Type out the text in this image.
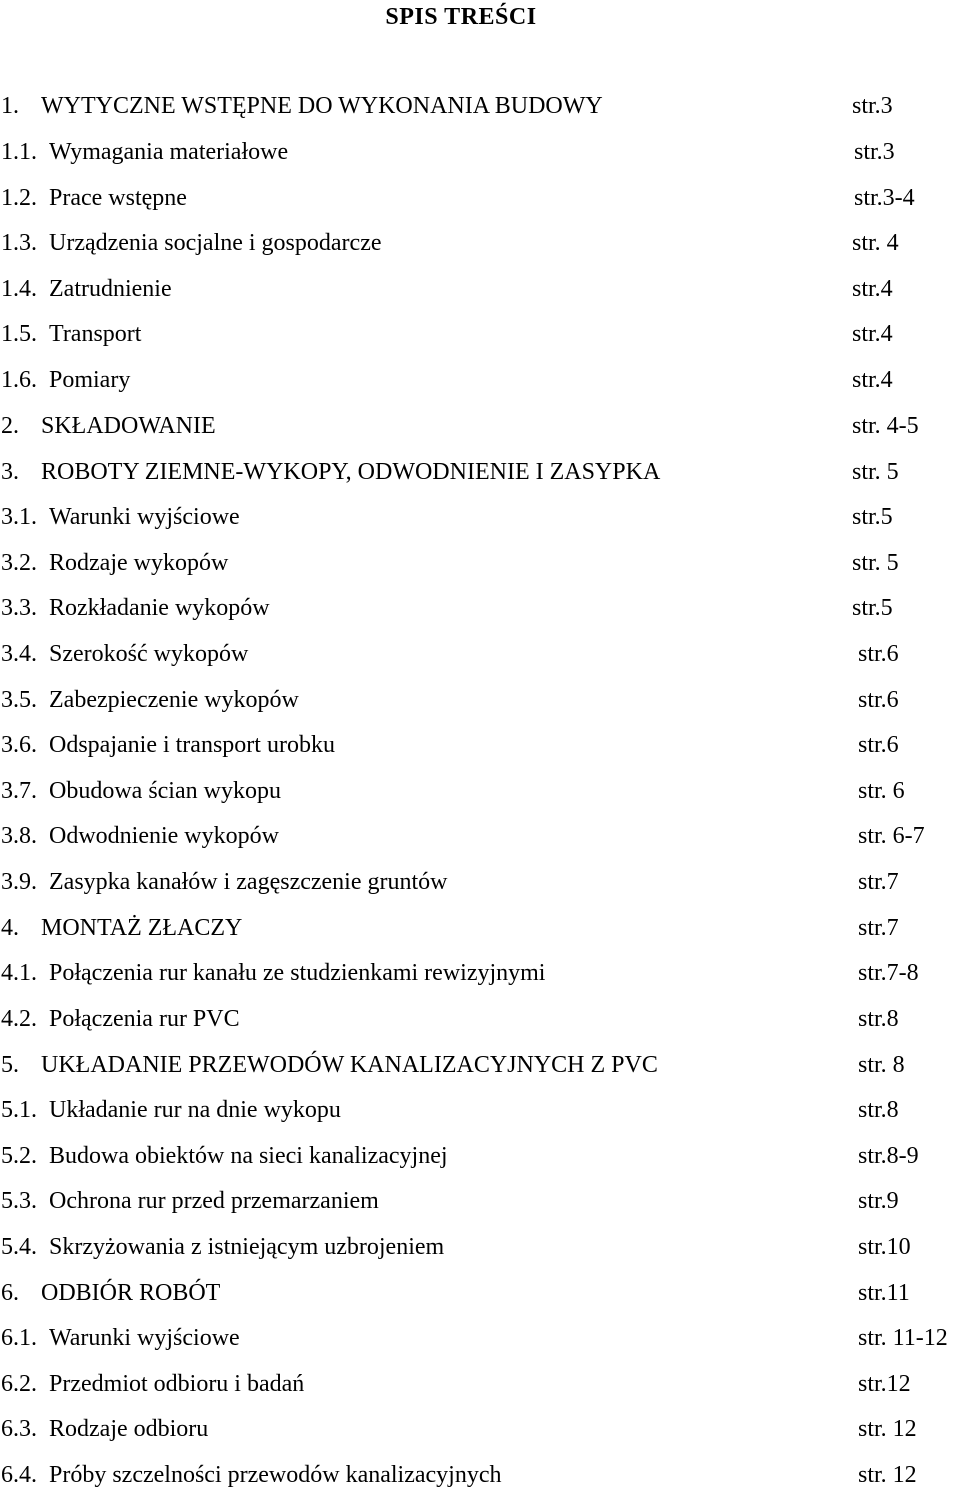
SPIS TREŚCI
1. WYTYCZNE WSTĘPNE DO WYKONANIA BUDOWY	str.3
1.1. Wymagania materiałowe	str.3
1.2. Prace wstępne	str.3-4
1.3. Urządzenia socjalne i gospodarcze	str. 4
1.4. Zatrudnienie	str.4
1.5. Transport	str.4
1.6. Pomiary	str.4
2. SKŁADOWANIE	str. 4-5
3. ROBOTY ZIEMNE-WYKOPY, ODWODNIENIE I ZASYPKA	str. 5
3.1. Warunki wyjściowe	str.5
3.2. Rodzaje wykopów	str. 5
3.3. Rozkładanie wykopów	str.5
3.4. Szerokość wykopów	str.6
3.5. Zabezpieczenie wykopów	str.6
3.6. Odspajanie i transport urobku	str.6
3.7. Obudowa ścian wykopu	str. 6
3.8. Odwodnienie wykopów	str. 6-7
3.9. Zasypka kanałów i zagęszczenie gruntów	str.7
4. MONTAŻ ZŁACZY	str.7
4.1. Połączenia rur kanału ze studzienkami rewizyjnymi	str.7-8
4.2. Połączenia rur PVC	str.8
5. UKŁADANIE PRZEWODÓW KANALIZACYJNYCH Z PVC	str. 8
5.1. Układanie rur na dnie wykopu	str.8
5.2. Budowa obiektów na sieci kanalizacyjnej	str.8-9
5.3. Ochrona rur przed przemarzaniem	str.9
5.4. Skrzyżowania z istniejącym uzbrojeniem	str.10
6. ODBIÓR ROBÓT	str.11
6.1. Warunki wyjściowe	str. 11-12
6.2. Przedmiot odbioru i badań	str.12
6.3. Rodzaje odbioru	str. 12
6.4. Próby szczelności przewodów kanalizacyjnych	str. 12
